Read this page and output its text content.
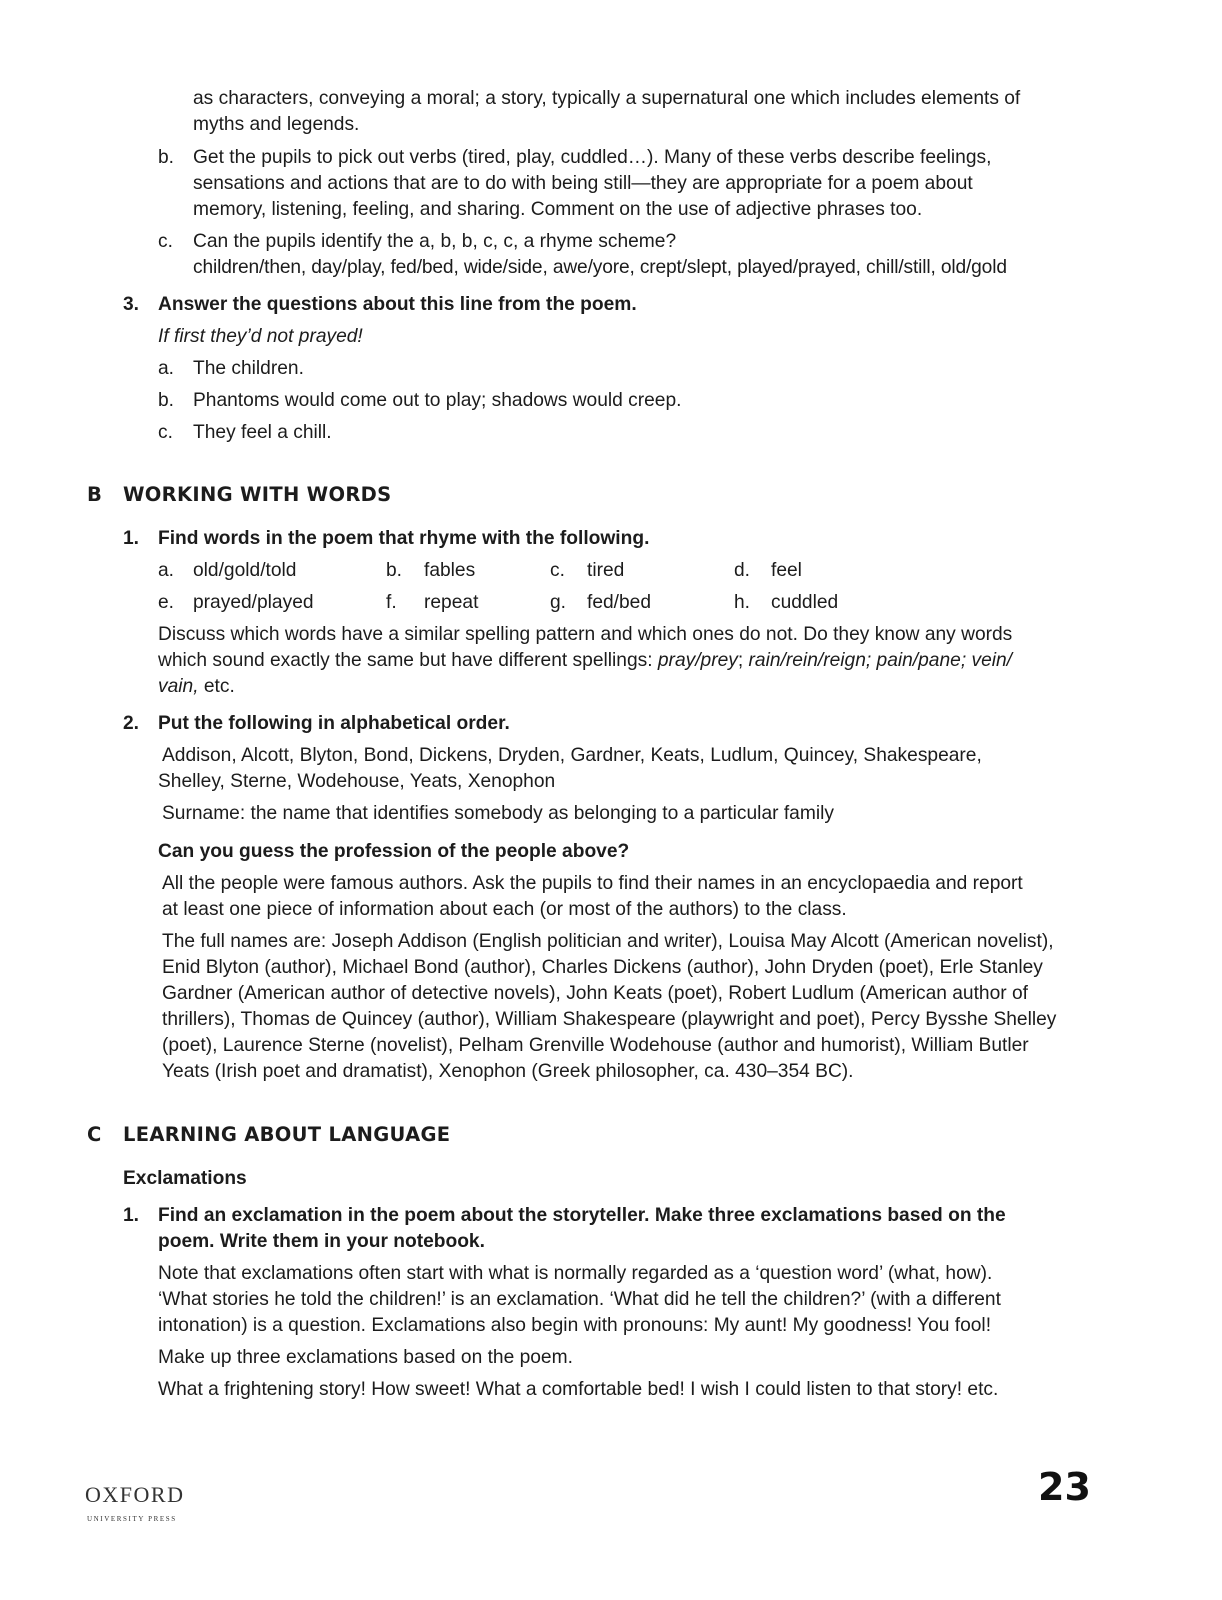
as characters, conveying a moral; a story, typically a supernatural one which includes elements of
myths and legends.
b. Get the pupils to pick out verbs (tired, play, cuddled…). Many of these verbs describe feelings,
sensations and actions that are to do with being still—they are appropriate for a poem about
memory, listening, feeling, and sharing. Comment on the use of adjective phrases too.
c. Can the pupils identify the a, b, b, c, c, a rhyme scheme?
children/then, day/play, fed/bed, wide/side, awe/yore, crept/slept, played/prayed, chill/still, old/gold
3. Answer the questions about this line from the poem.
If first they’d not prayed!
a. The children.
b. Phantoms would come out to play; shadows would creep.
c. They feel a chill.
B WORKING WITH WORDS
1. Find words in the poem that rhyme with the following.
a. old/gold/told	b. fables	c. tired	d. feel
e. prayed/played	f. repeat	g. fed/bed	h. cuddled
Discuss which words have a similar spelling pattern and which ones do not. Do they know any words
which sound exactly the same but have different spellings: pray/prey; rain/rein/reign; pain/pane; vein/
vain, etc.
2. Put the following in alphabetical order.
Addison, Alcott, Blyton, Bond, Dickens, Dryden, Gardner, Keats, Ludlum, Quincey, Shakespeare,
Shelley, Sterne, Wodehouse, Yeats, Xenophon
Surname: the name that identifies somebody as belonging to a particular family
Can you guess the profession of the people above?
All the people were famous authors. Ask the pupils to find their names in an encyclopaedia and report
at least one piece of information about each (or most of the authors) to the class.
The full names are: Joseph Addison (English politician and writer), Louisa May Alcott (American novelist),
Enid Blyton (author), Michael Bond (author), Charles Dickens (author), John Dryden (poet), Erle Stanley
Gardner (American author of detective novels), John Keats (poet), Robert Ludlum (American author of
thrillers), Thomas de Quincey (author), William Shakespeare (playwright and poet), Percy Bysshe Shelley
(poet), Laurence Sterne (novelist), Pelham Grenville Wodehouse (author and humorist), William Butler
Yeats (Irish poet and dramatist), Xenophon (Greek philosopher, ca. 430–354 BC).
C LEARNING ABOUT LANGUAGE
Exclamations
1. Find an exclamation in the poem about the storyteller. Make three exclamations based on the
poem. Write them in your notebook.
Note that exclamations often start with what is normally regarded as a ‘question word’ (what, how).
‘What stories he told the children!’ is an exclamation. ‘What did he tell the children?’ (with a different
intonation) is a question. Exclamations also begin with pronouns: My aunt! My goodness! You fool!
Make up three exclamations based on the poem.
What a frightening story! How sweet! What a comfortable bed! I wish I could listen to that story! etc.
OXFORD
UNIVERSITY PRESS
23
